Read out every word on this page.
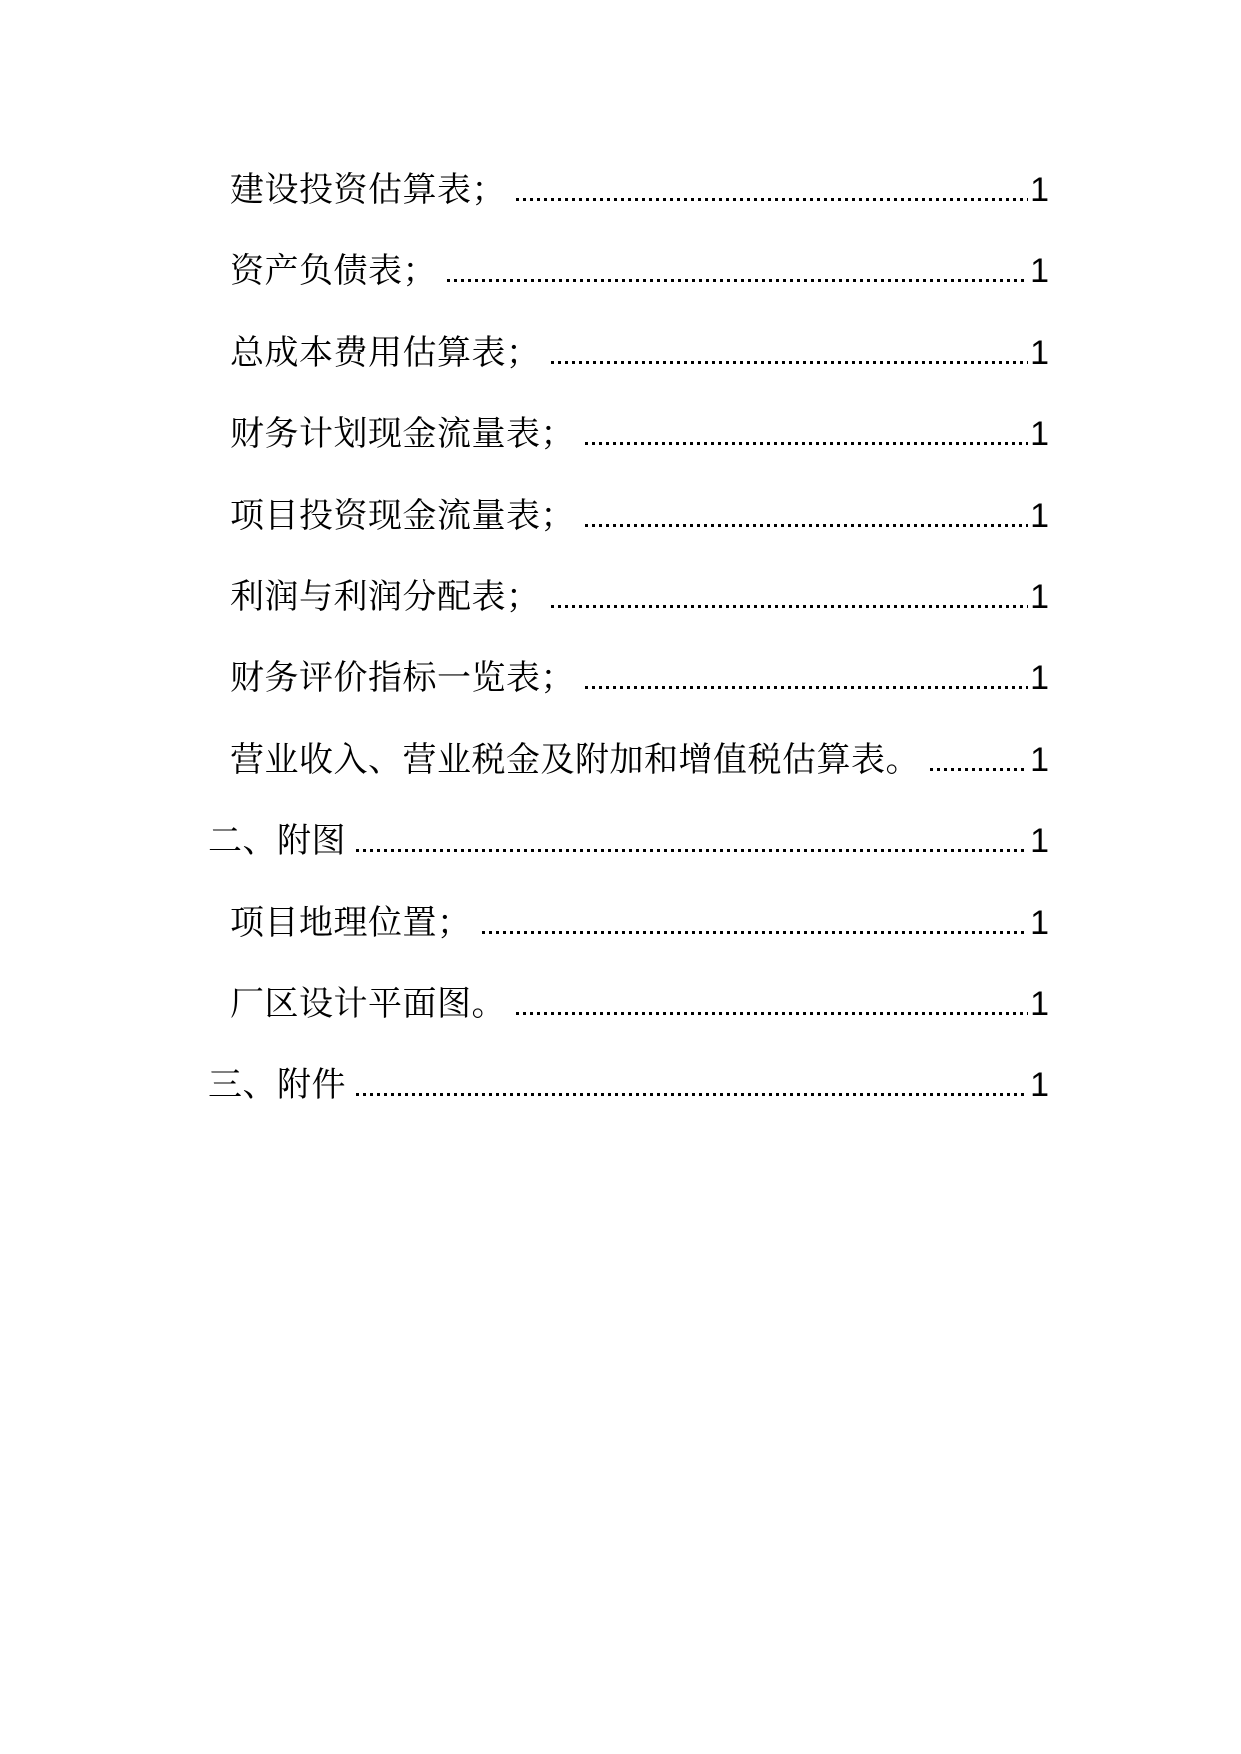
建设投资估算表；	1
资产负债表；	1
总成本费用估算表；	1
财务计划现金流量表；	1
项目投资现金流量表；	1
利润与利润分配表；	1
财务评价指标一览表；	1
营业收入、营业税金及附加和增值税估算表。	1
二、附图	1
项目地理位置；	1
厂区设计平面图。	1
三、附件	1
